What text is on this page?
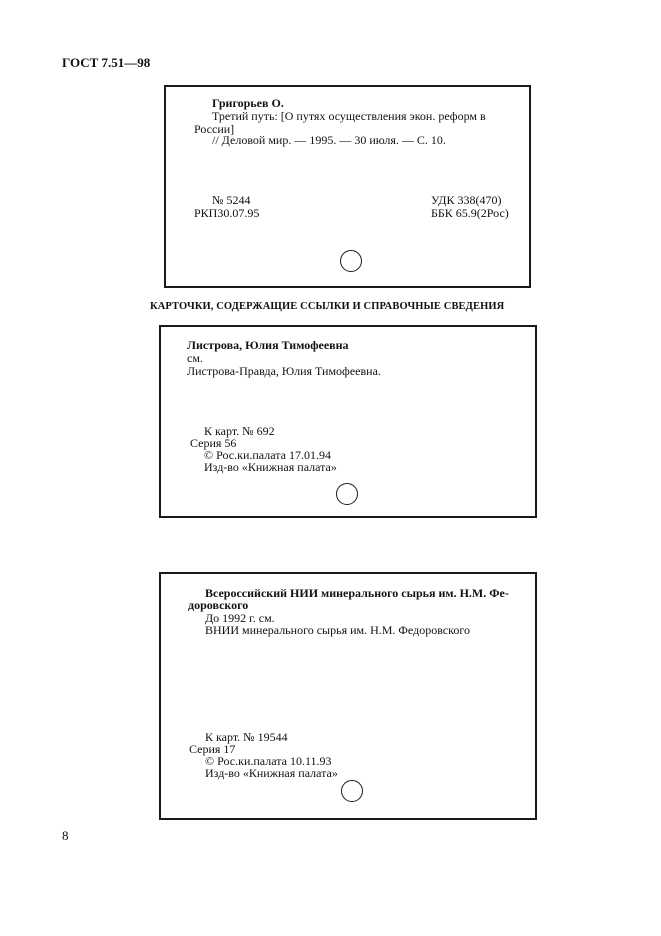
ГОСТ 7.51—98
Григорьев О.
Третий путь: [О путях осуществления экон. реформ в
России]
// Деловой мир. — 1995. — 30 июля. — С. 10.
№ 5244
РКП30.07.95
УДК 338(470)
ББК 65.9(2Рос)
КАРТОЧКИ, СОДЕРЖАЩИЕ ССЫЛКИ И СПРАВОЧНЫЕ СВЕДЕНИЯ
Листрова, Юлия Тимофеевна
см.
Листрова-Правда, Юлия Тимофеевна.
К карт. № 692
Серия 56
© Рос.ки.палата 17.01.94
Изд-во «Книжная палата»
Всероссийский НИИ минерального сырья им. Н.М. Фе-
доровского
До 1992 г. см.
ВНИИ минерального сырья им. Н.М. Федоровского
К карт. № 19544
Серия 17
© Рос.ки.палата 10.11.93
Изд-во «Книжная палата»
8
